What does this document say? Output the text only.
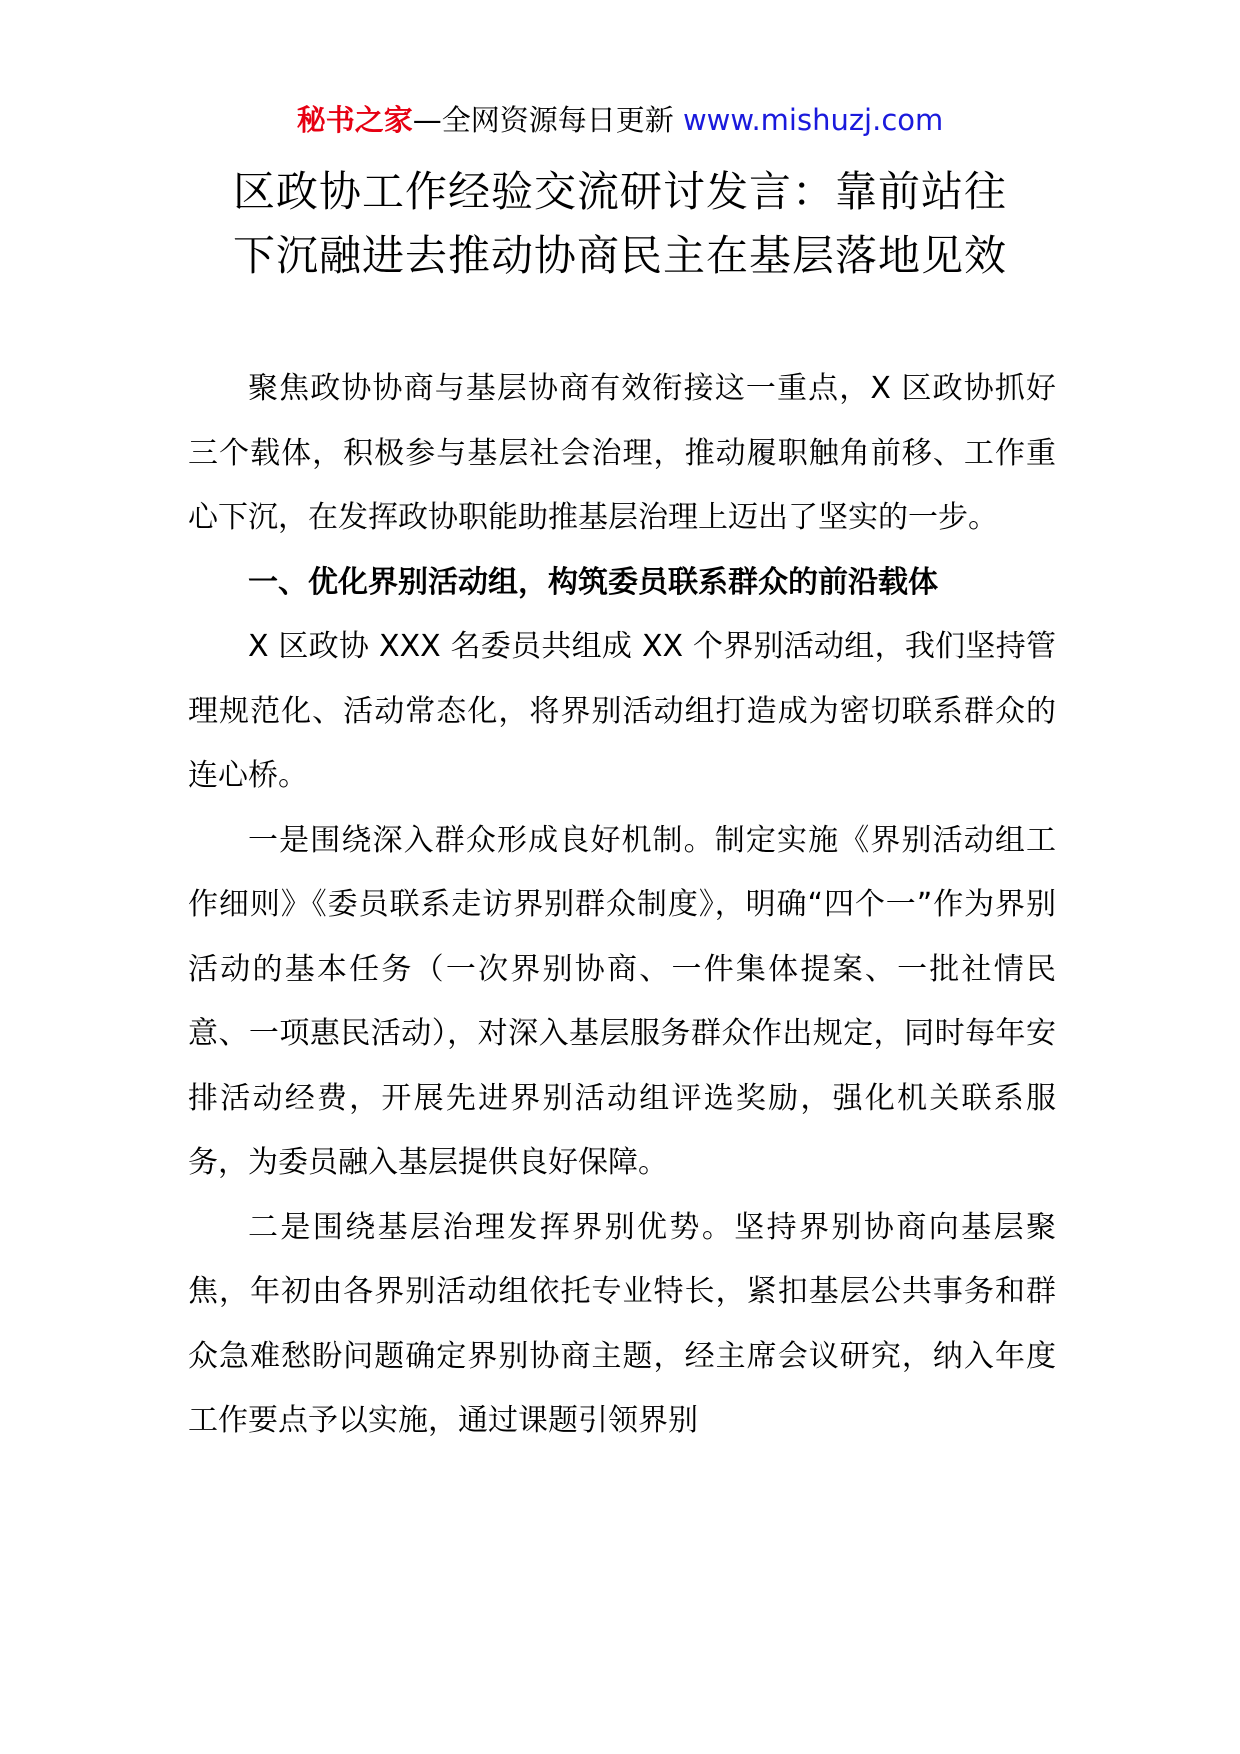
秘书之家—全网资源每日更新 www.mishuzj.com
区政协工作经验交流研讨发言：靠前站往
下沉融进去推动协商民主在基层落地见效

聚焦政协协商与基层协商有效衔接这一重点，X 区政协抓好三个载体，积极参与基层社会治理，推动履职触角前移、工作重心下沉，在发挥政协职能助推基层治理上迈出了坚实的一步。

一、优化界别活动组，构筑委员联系群众的前沿载体

X 区政协 XXX 名委员共组成 XX 个界别活动组，我们坚持管理规范化、活动常态化，将界别活动组打造成为密切联系群众的连心桥。

一是围绕深入群众形成良好机制。制定实施《界别活动组工作细则》《委员联系走访界别群众制度》，明确“四个一”作为界别活动的基本任务（一次界别协商、一件集体提案、一批社情民意、一项惠民活动），对深入基层服务群众作出规定，同时每年安排活动经费，开展先进界别活动组评选奖励，强化机关联系服务，为委员融入基层提供良好保障。

二是围绕基层治理发挥界别优势。坚持界别协商向基层聚焦，年初由各界别活动组依托专业特长，紧扣基层公共事务和群众急难愁盼问题确定界别协商主题，经主席会议研究，纳入年度工作要点予以实施，通过课题引领界别
